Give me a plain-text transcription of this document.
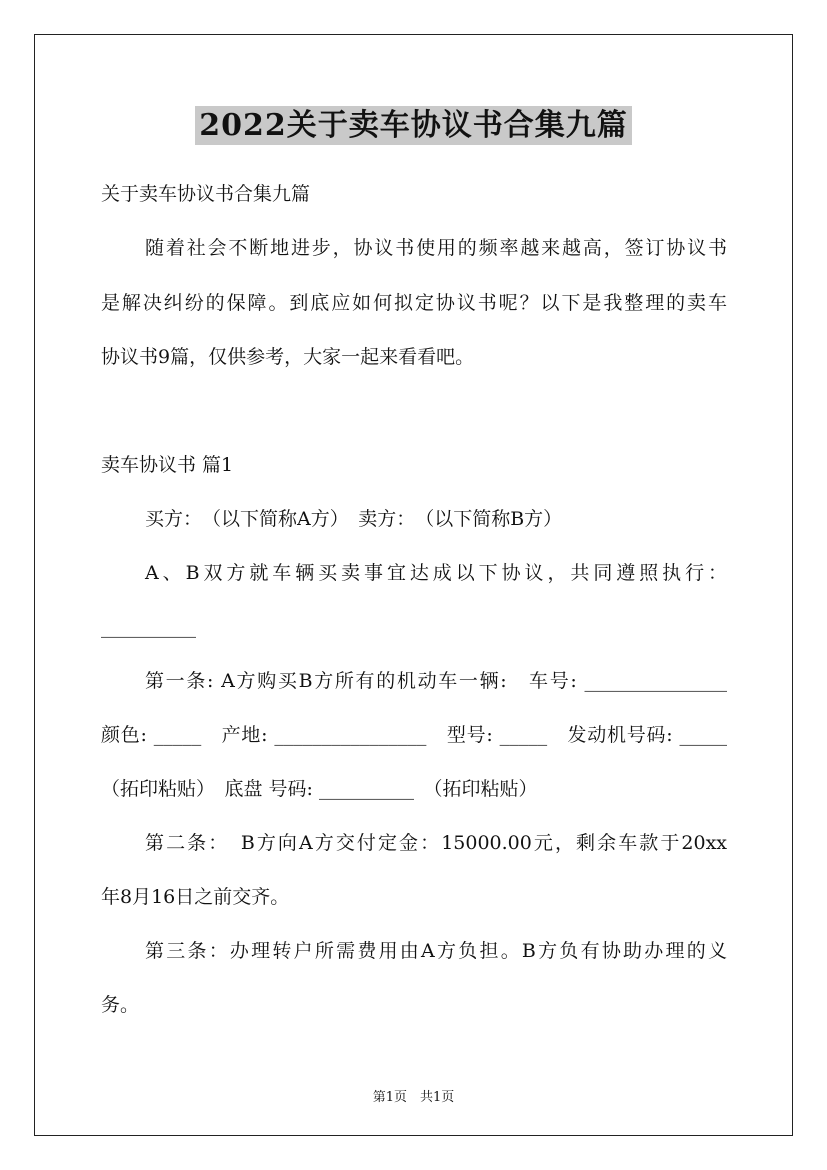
2022关于卖车协议书合集九篇
关于卖车协议书合集九篇
随着社会不断地进步，协议书使用的频率越来越高，签订协议书
是解决纠纷的保障。到底应如何拟定协议书呢？以下是我整理的卖车
协议书9篇，仅供参考，大家一起来看看吧。
卖车协议书 篇1
买方：　（以下简称A方）　卖方：　（以下简称B方）
A、B双方就车辆买卖事宜达成以下协议，共同遵照执行：
__________
第一条: A方购买B方所有的机动车一辆:　车号: _______________
颜色: _____　产地: ________________　型号: _____　发动机号码: _____
（拓印粘贴）　底盘 号码: __________　（拓印粘贴）
第二条：　B方向A方交付定金：15000.00元，剩余车款于20xx
年8月16日之前交齐。
第三条：办理转户所需费用由A方负担。B方负有协助办理的义
务。
第1页　共1页
